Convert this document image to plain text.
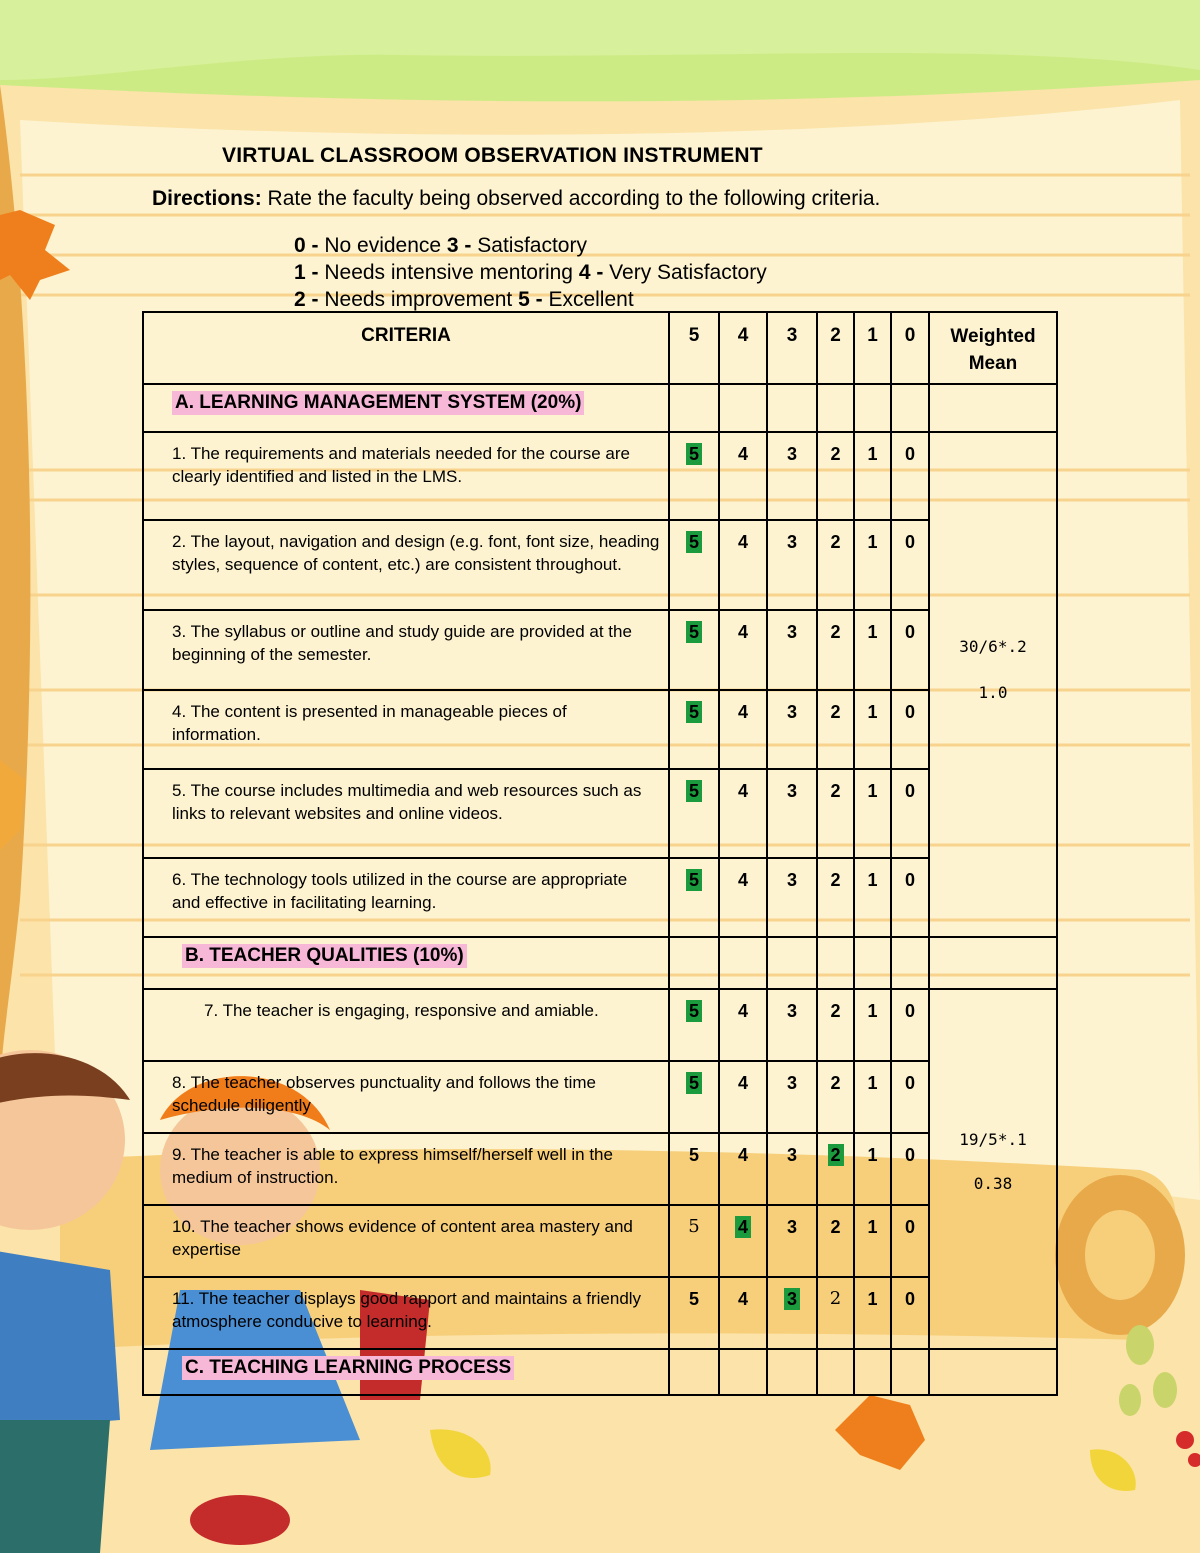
VIRTUAL CLASSROOM OBSERVATION INSTRUMENT
Directions: Rate the faculty being observed according to the following criteria.
0 - No evidence 3 - Satisfactory
1 - Needs intensive mentoring 4 - Very Satisfactory
2 - Needs improvement 5 - Excellent
CRITERIA	5	4	3	2	1	0	Weighted Mean
A. LEARNING MANAGEMENT SYSTEM (20%)							
1. The requirements and materials needed for the course are clearly identified and listed in the LMS.	5	4	3	2	1	0	30/6*.2
1.0

2. The layout, navigation and design (e.g. font, font size, heading styles, sequence of content, etc.) are consistent throughout.	5	4	3	2	1	0	
3. The syllabus or outline and study guide are provided at the beginning of the semester.	5	4	3	2	1	0	
4. The content is presented in manageable pieces of information.	5	4	3	2	1	0	
5. The course includes multimedia and web resources such as links to relevant websites and online videos.	5	4	3	2	1	0	
6. The technology tools utilized in the course are appropriate and effective in facilitating learning.	5	4	3	2	1	0	
B. TEACHER QUALITIES (10%)							
7. The teacher is engaging, responsive and amiable.	5	4	3	2	1	0	19/5*.1
0.38

8. The teacher observes punctuality and follows the time schedule diligently	5	4	3	2	1	0	
9. The teacher is able to express himself/herself well in the medium of instruction.	5	4	3	2	1	0	
10. The teacher shows evidence of content area mastery and expertise	5	4	3	2	1	0	
11. The teacher displays good rapport and maintains a friendly atmosphere conducive to learning.	5	4	3	2	1	0	
C. TEACHING LEARNING PROCESS							
